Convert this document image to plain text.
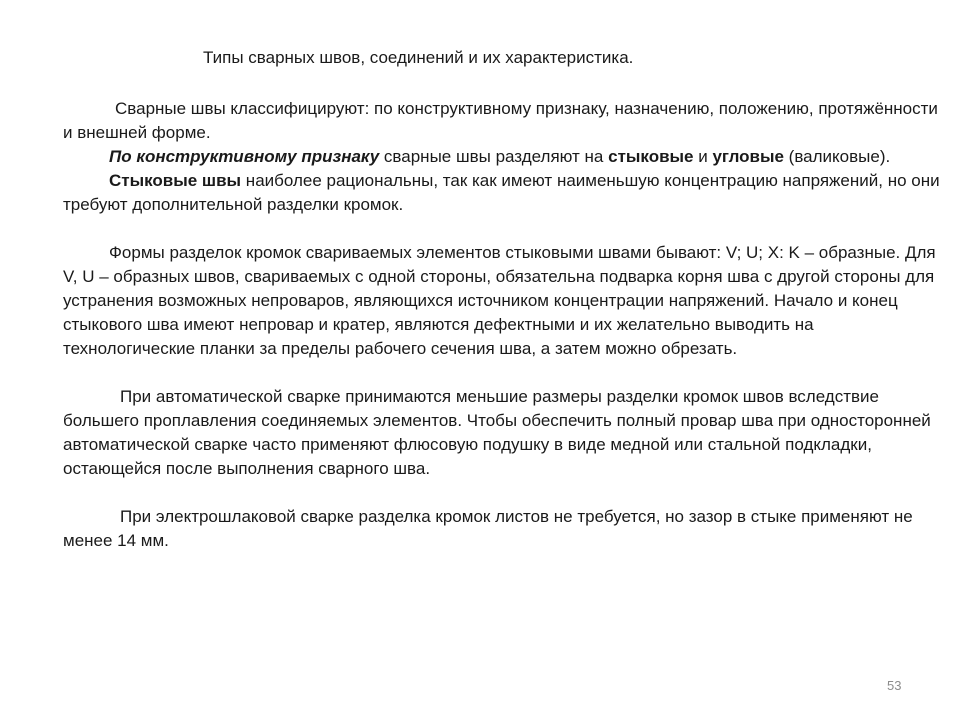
Типы сварных швов, соединений и их характеристика.

Сварные швы классифицируют: по конструктивному признаку, назначению, положению, протяжённости и внешней форме.

По конструктивному признаку сварные швы разделяют на стыковые и угловые (валиковые).

Стыковые швы наиболее рациональны, так как имеют наименьшую концентрацию напряжений, но они требуют дополнительной разделки кромок.

Формы разделок кромок свариваемых элементов стыковыми швами бывают: V; U; X: K – образные. Для V, U – образных швов, свариваемых с одной стороны, обязательна подварка корня шва с другой стороны для устранения возможных непроваров, являющихся источником концентрации напряжений. Начало и конец стыкового шва имеют непровар и кратер, являются дефектными и их желательно выводить на технологические планки за пределы рабочего сечения шва, а затем можно обрезать.

При автоматической сварке принимаются меньшие размеры разделки кромок швов вследствие большего проплавления соединяемых элементов. Чтобы обеспечить полный провар шва при односторонней автоматической сварке часто применяют флюсовую подушку в виде медной или стальной подкладки, остающейся после выполнения сварного шва.

При электрошлаковой сварке разделка кромок листов не требуется, но зазор в стыке применяют не менее 14 мм.

53
